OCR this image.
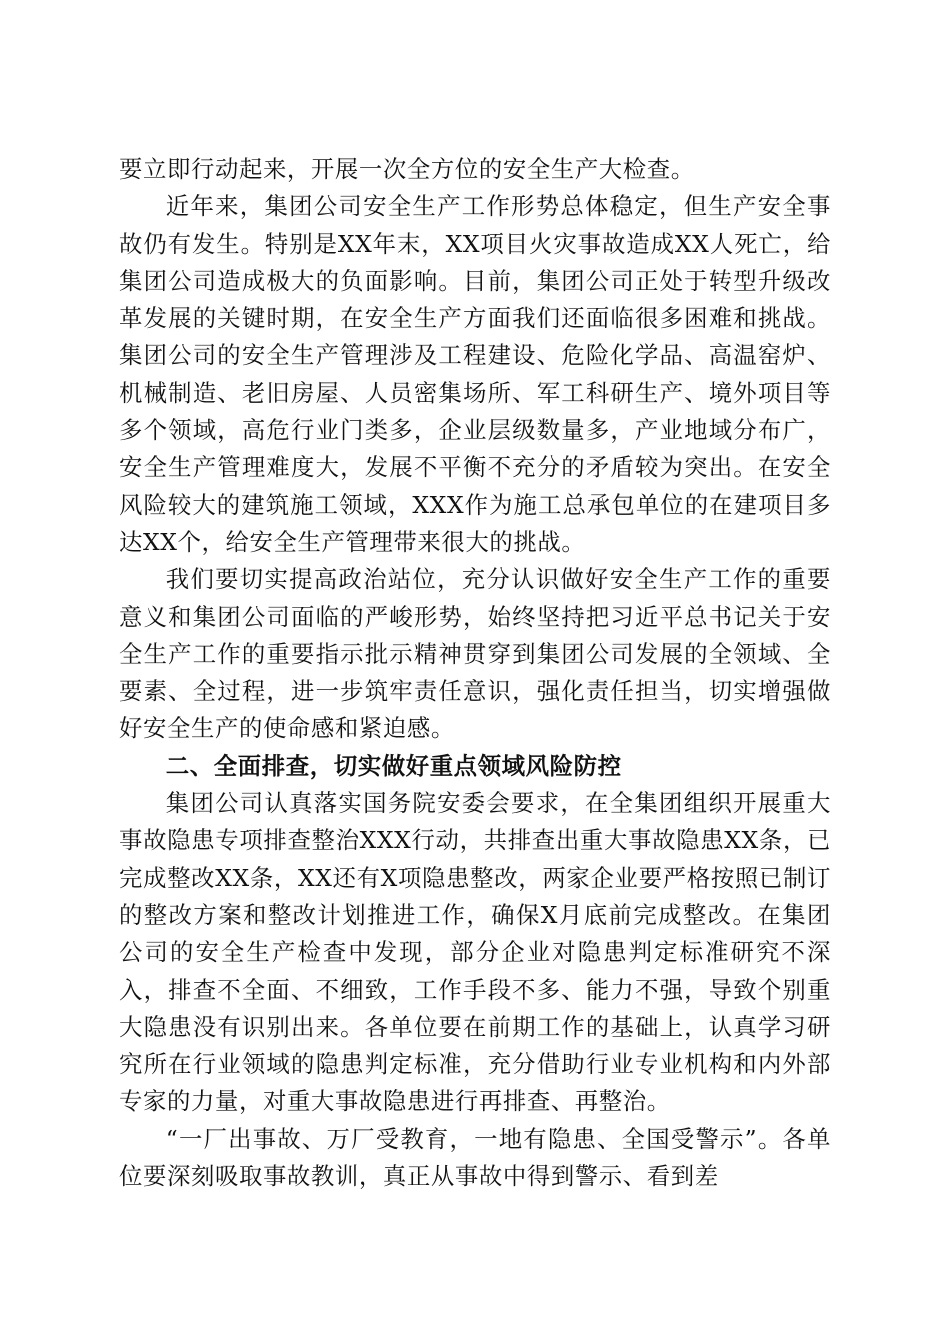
要立即行动起来，开展一次全方位的安全生产大检查。

近年来，集团公司安全生产工作形势总体稳定，但生产安全事故仍有发生。特别是XX年末，XX项目火灾事故造成XX人死亡，给集团公司造成极大的负面影响。目前，集团公司正处于转型升级改革发展的关键时期，在安全生产方面我们还面临很多困难和挑战。集团公司的安全生产管理涉及工程建设、危险化学品、高温窑炉、机械制造、老旧房屋、人员密集场所、军工科研生产、境外项目等多个领域，高危行业门类多，企业层级数量多，产业地域分布广，安全生产管理难度大，发展不平衡不充分的矛盾较为突出。在安全风险较大的建筑施工领域，XXX作为施工总承包单位的在建项目多达XX个，给安全生产管理带来很大的挑战。

我们要切实提高政治站位，充分认识做好安全生产工作的重要意义和集团公司面临的严峻形势，始终坚持把习近平总书记关于安全生产工作的重要指示批示精神贯穿到集团公司发展的全领域、全要素、全过程，进一步筑牢责任意识，强化责任担当，切实增强做好安全生产的使命感和紧迫感。

二、全面排查，切实做好重点领域风险防控

集团公司认真落实国务院安委会要求，在全集团组织开展重大事故隐患专项排查整治XXX行动，共排查出重大事故隐患XX条，已完成整改XX条，XX还有X项隐患整改，两家企业要严格按照已制订的整改方案和整改计划推进工作，确保X月底前完成整改。在集团公司的安全生产检查中发现，部分企业对隐患判定标准研究不深入，排查不全面、不细致，工作手段不多、能力不强，导致个别重大隐患没有识别出来。各单位要在前期工作的基础上，认真学习研究所在行业领域的隐患判定标准，充分借助行业专业机构和内外部专家的力量，对重大事故隐患进行再排查、再整治。

“一厂出事故、万厂受教育，一地有隐患、全国受警示”。各单位要深刻吸取事故教训，真正从事故中得到警示、看到差
